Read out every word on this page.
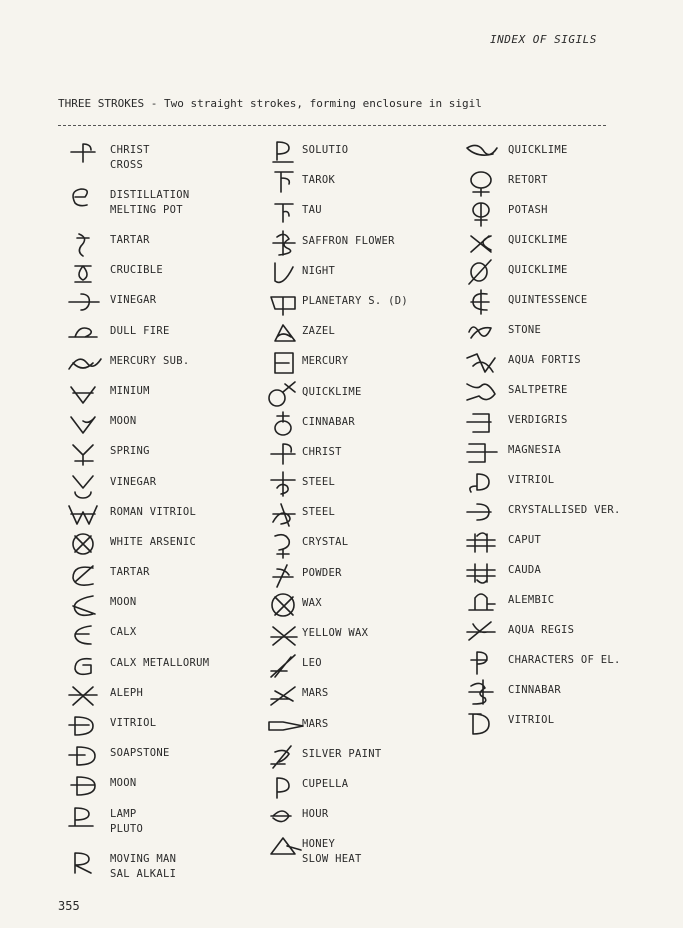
INDEX OF SIGILS
THREE STROKES - Two straight strokes, forming enclosure in sigil
CHRIST
CROSS
DISTILLATION
MELTING POT
TARTAR
CRUCIBLE
VINEGAR
DULL FIRE
MERCURY SUB.
MINIUM
MOON
SPRING
VINEGAR
ROMAN VITRIOL
WHITE ARSENIC
TARTAR
MOON
CALX
CALX METALLORUM
ALEPH
VITRIOL
SOAPSTONE
MOON
LAMP
PLUTO
MOVING MAN
SAL ALKALI
SOLUTIO
TAROK
TAU
SAFFRON FLOWER
NIGHT
PLANETARY S. (D)
ZAZEL
MERCURY
QUICKLIME
CINNABAR
CHRIST
STEEL
STEEL
CRYSTAL
POWDER
WAX
YELLOW WAX
LEO
MARS
MARS
SILVER PAINT
CUPELLA
HOUR
HONEY
SLOW HEAT
QUICKLIME
RETORT
POTASH
QUICKLIME
QUICKLIME
QUINTESSENCE
STONE
AQUA FORTIS
SALTPETRE
VERDIGRIS
MAGNESIA
VITRIOL
CRYSTALLISED VER.
CAPUT
CAUDA
ALEMBIC
AQUA REGIS
CHARACTERS OF EL.
CINNABAR
VITRIOL
355
